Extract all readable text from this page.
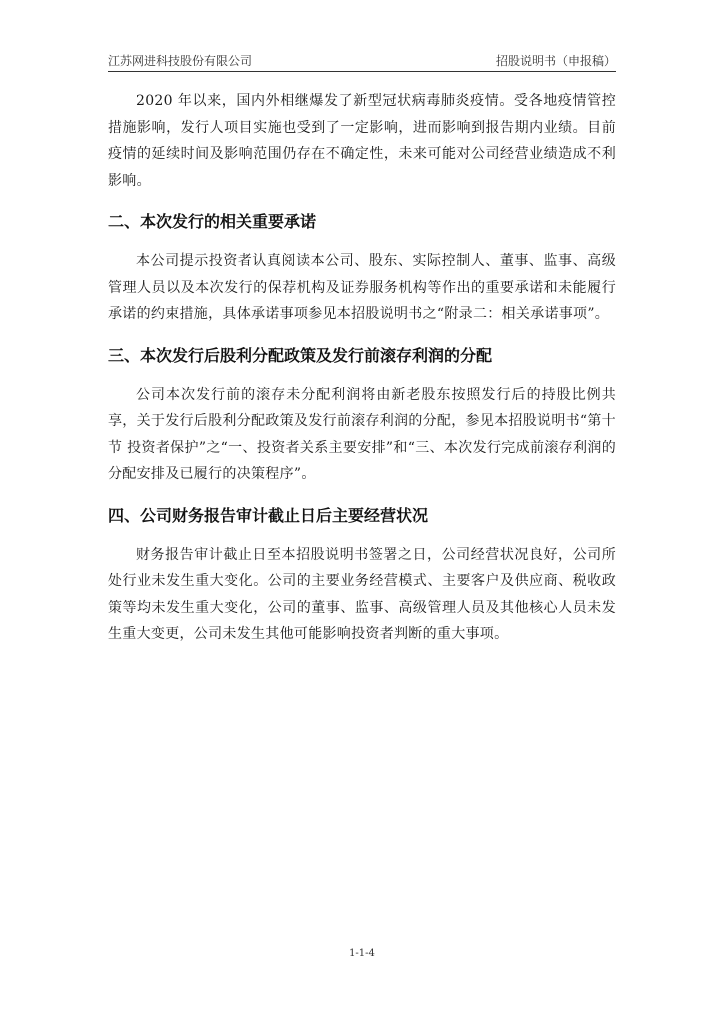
江苏网进科技股份有限公司	招股说明书（申报稿）

2020 年以来，国内外相继爆发了新型冠状病毒肺炎疫情。受各地疫情管控措施影响，发行人项目实施也受到了一定影响，进而影响到报告期内业绩。目前疫情的延续时间及影响范围仍存在不确定性，未来可能对公司经营业绩造成不利影响。

二、本次发行的相关重要承诺

本公司提示投资者认真阅读本公司、股东、实际控制人、董事、监事、高级管理人员以及本次发行的保荐机构及证券服务机构等作出的重要承诺和未能履行承诺的约束措施，具体承诺事项参见本招股说明书之“附录二：相关承诺事项”。

三、本次发行后股利分配政策及发行前滚存利润的分配

公司本次发行前的滚存未分配利润将由新老股东按照发行后的持股比例共享，关于发行后股利分配政策及发行前滚存利润的分配，参见本招股说明书“第十节 投资者保护”之“一、投资者关系主要安排”和“三、本次发行完成前滚存利润的分配安排及已履行的决策程序”。

四、公司财务报告审计截止日后主要经营状况

财务报告审计截止日至本招股说明书签署之日，公司经营状况良好，公司所处行业未发生重大变化。公司的主要业务经营模式、主要客户及供应商、税收政策等均未发生重大变化，公司的董事、监事、高级管理人员及其他核心人员未发生重大变更，公司未发生其他可能影响投资者判断的重大事项。

1-1-4
